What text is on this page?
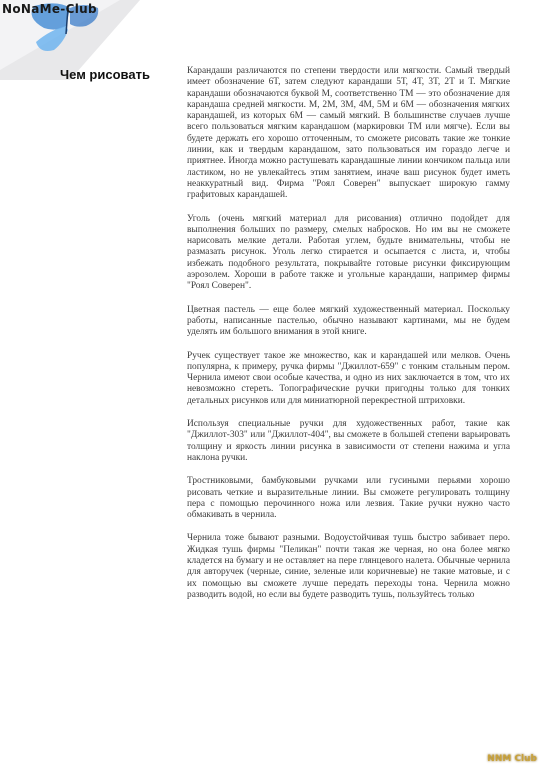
NoNaMe-Club
Чем рисовать	Карандаши различаются по степени твердости или мягкости. Самый твердый имеет обозначение 6Т, затем следуют карандаши 5Т, 4Т, 3Т, 2Т и Т. Мягкие карандаши обозначаются буквой М, соответственно ТМ — это обозначение для карандаша средней мягкости. М, 2М, 3М, 4М, 5М и 6М — обозначения мягких карандашей, из которых 6М — самый мягкий. В большинстве случаев лучше всего пользоваться мягким карандашом (маркировки ТМ или мягче). Если вы будете держать его хорошо отточенным, то сможете рисовать такие же тонкие линии, как и твердым карандашом, зато пользоваться им гораздо легче и приятнее. Иногда можно растушевать карандашные линии кончиком пальца или ластиком, но не увлекайтесь этим занятием, иначе ваш рисунок будет иметь неаккуратный вид. Фирма "Роял Соверен" выпускает широкую гамму графитовых карандашей.

Уголь (очень мягкий материал для рисования) отлично подойдет для выполнения больших по размеру, смелых набросков. Но им вы не сможете нарисовать мелкие детали. Работая углем, будьте внимательны, чтобы не размазать рисунок. Уголь легко стирается и осыпается с листа, и, чтобы избежать подобного результата, покрывайте готовые рисунки фиксирующим аэрозолем. Хороши в работе также и угольные карандаши, например фирмы "Роял Соверен".

Цветная пастель — еще более мягкий художественный материал. Поскольку работы, написанные пастелью, обычно называют картинами, мы не будем уделять им большого внимания в этой книге.

Ручек существует такое же множество, как и карандашей или мелков. Очень популярна, к примеру, ручка фирмы "Джиллот-659" с тонким стальным пером. Чернила имеют свои особые качества, и одно из них заключается в том, что их невозможно стереть. Топографические ручки пригодны только для тонких детальных рисунков или для миниатюрной перекрестной штриховки.

Используя специальные ручки для художественных работ, такие как "Джиллот-303" или "Джиллот-404", вы сможете в большей степени варьировать толщину и яркость линии рисунка в зависимости от степени нажима и угла наклона ручки.

Тростниковыми, бамбуковыми ручками или гусиными перьями хорошо рисовать четкие и выразительные линии. Вы сможете регулировать толщину пера с помощью перочинного ножа или лезвия. Такие ручки нужно часто обмакивать в чернила.

Чернила тоже бывают разными. Водоустойчивая тушь быстро забивает перо. Жидкая тушь фирмы "Пеликан" почти такая же черная, но она более мягко кладется на бумагу и не оставляет на пере глянцевого налета. Обычные чернила для авторучек (черные, синие, зеленые или коричневые) не такие матовые, и с их помощью вы сможете лучше передать переходы тона. Чернила можно разводить водой, но если вы будете разводить тушь, пользуйтесь только

NNM Club
